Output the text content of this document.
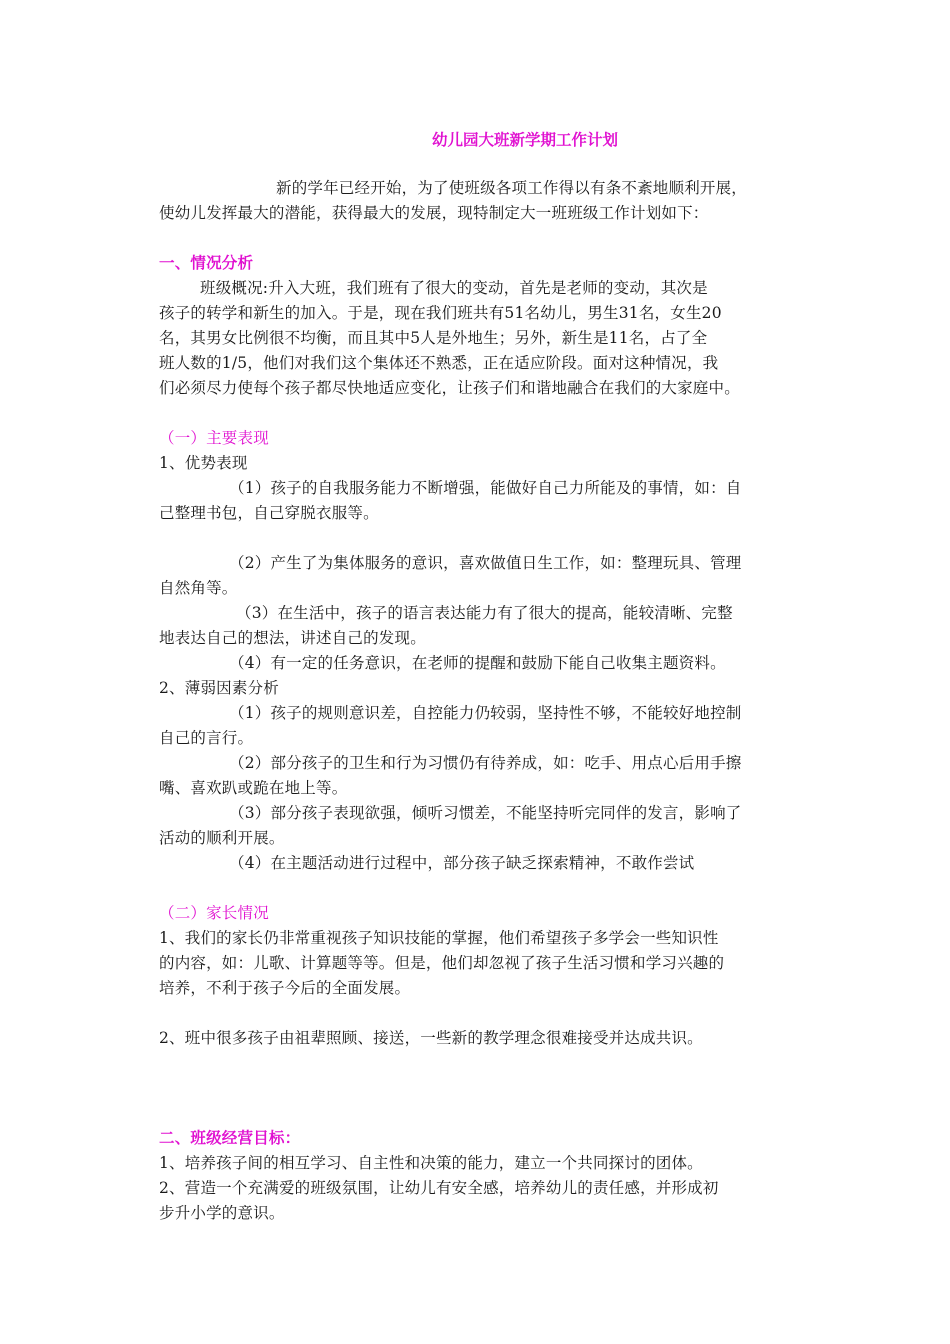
幼儿园大班新学期工作计划
新的学年已经开始，为了使班级各项工作得以有条不紊地顺利开展，
使幼儿发挥最大的潜能，获得最大的发展，现特制定大一班班级工作计划如下：
一、情况分析
班级概况:升入大班，我们班有了很大的变动，首先是老师的变动，其次是
孩子的转学和新生的加入。于是，现在我们班共有51名幼儿，男生31名，女生20
名，其男女比例很不均衡，而且其中5人是外地生；另外，新生是11名，占了全
班人数的1/5，他们对我们这个集体还不熟悉，正在适应阶段。面对这种情况，我
们必须尽力使每个孩子都尽快地适应变化，让孩子们和谐地融合在我们的大家庭中。
（一）主要表现
1、优势表现
（1）孩子的自我服务能力不断增强，能做好自己力所能及的事情，如：自
己整理书包，自己穿脱衣服等。
（2）产生了为集体服务的意识，喜欢做值日生工作，如：整理玩具、管理
自然角等。
（3）在生活中，孩子的语言表达能力有了很大的提高，能较清晰、完整
地表达自己的想法，讲述自己的发现。
（4）有一定的任务意识，在老师的提醒和鼓励下能自己收集主题资料。
2、薄弱因素分析
（1）孩子的规则意识差，自控能力仍较弱，坚持性不够，不能较好地控制
自己的言行。
（2）部分孩子的卫生和行为习惯仍有待养成，如：吃手、用点心后用手擦
嘴、喜欢趴或跪在地上等。
（3）部分孩子表现欲强，倾听习惯差，不能坚持听完同伴的发言，影响了
活动的顺利开展。
（4）在主题活动进行过程中，部分孩子缺乏探索精神，不敢作尝试
（二）家长情况
1、我们的家长仍非常重视孩子知识技能的掌握，他们希望孩子多学会一些知识性
的内容，如：儿歌、计算题等等。但是，他们却忽视了孩子生活习惯和学习兴趣的
培养，不利于孩子今后的全面发展。
2、班中很多孩子由祖辈照顾、接送，一些新的教学理念很难接受并达成共识。
二、班级经营目标：
1、培养孩子间的相互学习、自主性和决策的能力，建立一个共同探讨的团体。
2、营造一个充满爱的班级氛围，让幼儿有安全感，培养幼儿的责任感，并形成初
步升小学的意识。
